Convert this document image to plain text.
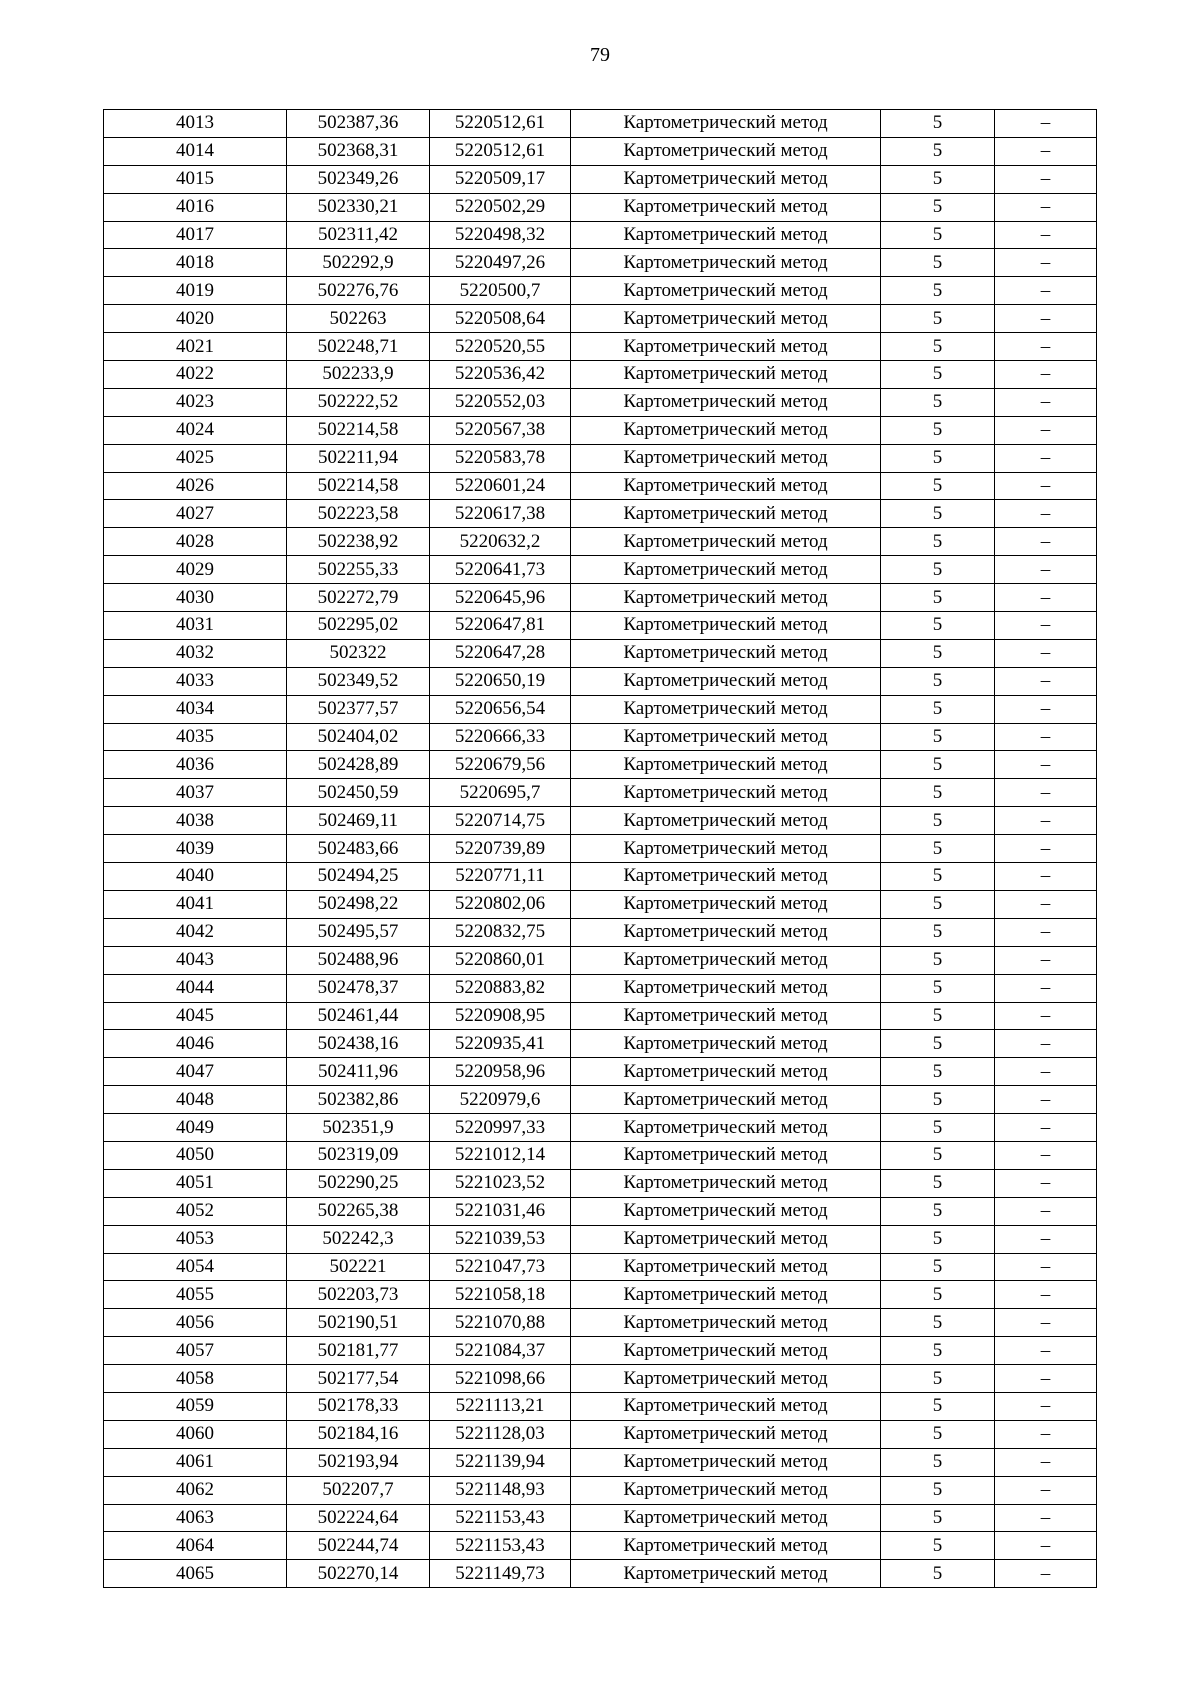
79
4013	502387,36	5220512,61	Картометрический метод	5	–
4014	502368,31	5220512,61	Картометрический метод	5	–
4015	502349,26	5220509,17	Картометрический метод	5	–
4016	502330,21	5220502,29	Картометрический метод	5	–
4017	502311,42	5220498,32	Картометрический метод	5	–
4018	502292,9	5220497,26	Картометрический метод	5	–
4019	502276,76	5220500,7	Картометрический метод	5	–
4020	502263	5220508,64	Картометрический метод	5	–
4021	502248,71	5220520,55	Картометрический метод	5	–
4022	502233,9	5220536,42	Картометрический метод	5	–
4023	502222,52	5220552,03	Картометрический метод	5	–
4024	502214,58	5220567,38	Картометрический метод	5	–
4025	502211,94	5220583,78	Картометрический метод	5	–
4026	502214,58	5220601,24	Картометрический метод	5	–
4027	502223,58	5220617,38	Картометрический метод	5	–
4028	502238,92	5220632,2	Картометрический метод	5	–
4029	502255,33	5220641,73	Картометрический метод	5	–
4030	502272,79	5220645,96	Картометрический метод	5	–
4031	502295,02	5220647,81	Картометрический метод	5	–
4032	502322	5220647,28	Картометрический метод	5	–
4033	502349,52	5220650,19	Картометрический метод	5	–
4034	502377,57	5220656,54	Картометрический метод	5	–
4035	502404,02	5220666,33	Картометрический метод	5	–
4036	502428,89	5220679,56	Картометрический метод	5	–
4037	502450,59	5220695,7	Картометрический метод	5	–
4038	502469,11	5220714,75	Картометрический метод	5	–
4039	502483,66	5220739,89	Картометрический метод	5	–
4040	502494,25	5220771,11	Картометрический метод	5	–
4041	502498,22	5220802,06	Картометрический метод	5	–
4042	502495,57	5220832,75	Картометрический метод	5	–
4043	502488,96	5220860,01	Картометрический метод	5	–
4044	502478,37	5220883,82	Картометрический метод	5	–
4045	502461,44	5220908,95	Картометрический метод	5	–
4046	502438,16	5220935,41	Картометрический метод	5	–
4047	502411,96	5220958,96	Картометрический метод	5	–
4048	502382,86	5220979,6	Картометрический метод	5	–
4049	502351,9	5220997,33	Картометрический метод	5	–
4050	502319,09	5221012,14	Картометрический метод	5	–
4051	502290,25	5221023,52	Картометрический метод	5	–
4052	502265,38	5221031,46	Картометрический метод	5	–
4053	502242,3	5221039,53	Картометрический метод	5	–
4054	502221	5221047,73	Картометрический метод	5	–
4055	502203,73	5221058,18	Картометрический метод	5	–
4056	502190,51	5221070,88	Картометрический метод	5	–
4057	502181,77	5221084,37	Картометрический метод	5	–
4058	502177,54	5221098,66	Картометрический метод	5	–
4059	502178,33	5221113,21	Картометрический метод	5	–
4060	502184,16	5221128,03	Картометрический метод	5	–
4061	502193,94	5221139,94	Картометрический метод	5	–
4062	502207,7	5221148,93	Картометрический метод	5	–
4063	502224,64	5221153,43	Картометрический метод	5	–
4064	502244,74	5221153,43	Картометрический метод	5	–
4065	502270,14	5221149,73	Картометрический метод	5	–
